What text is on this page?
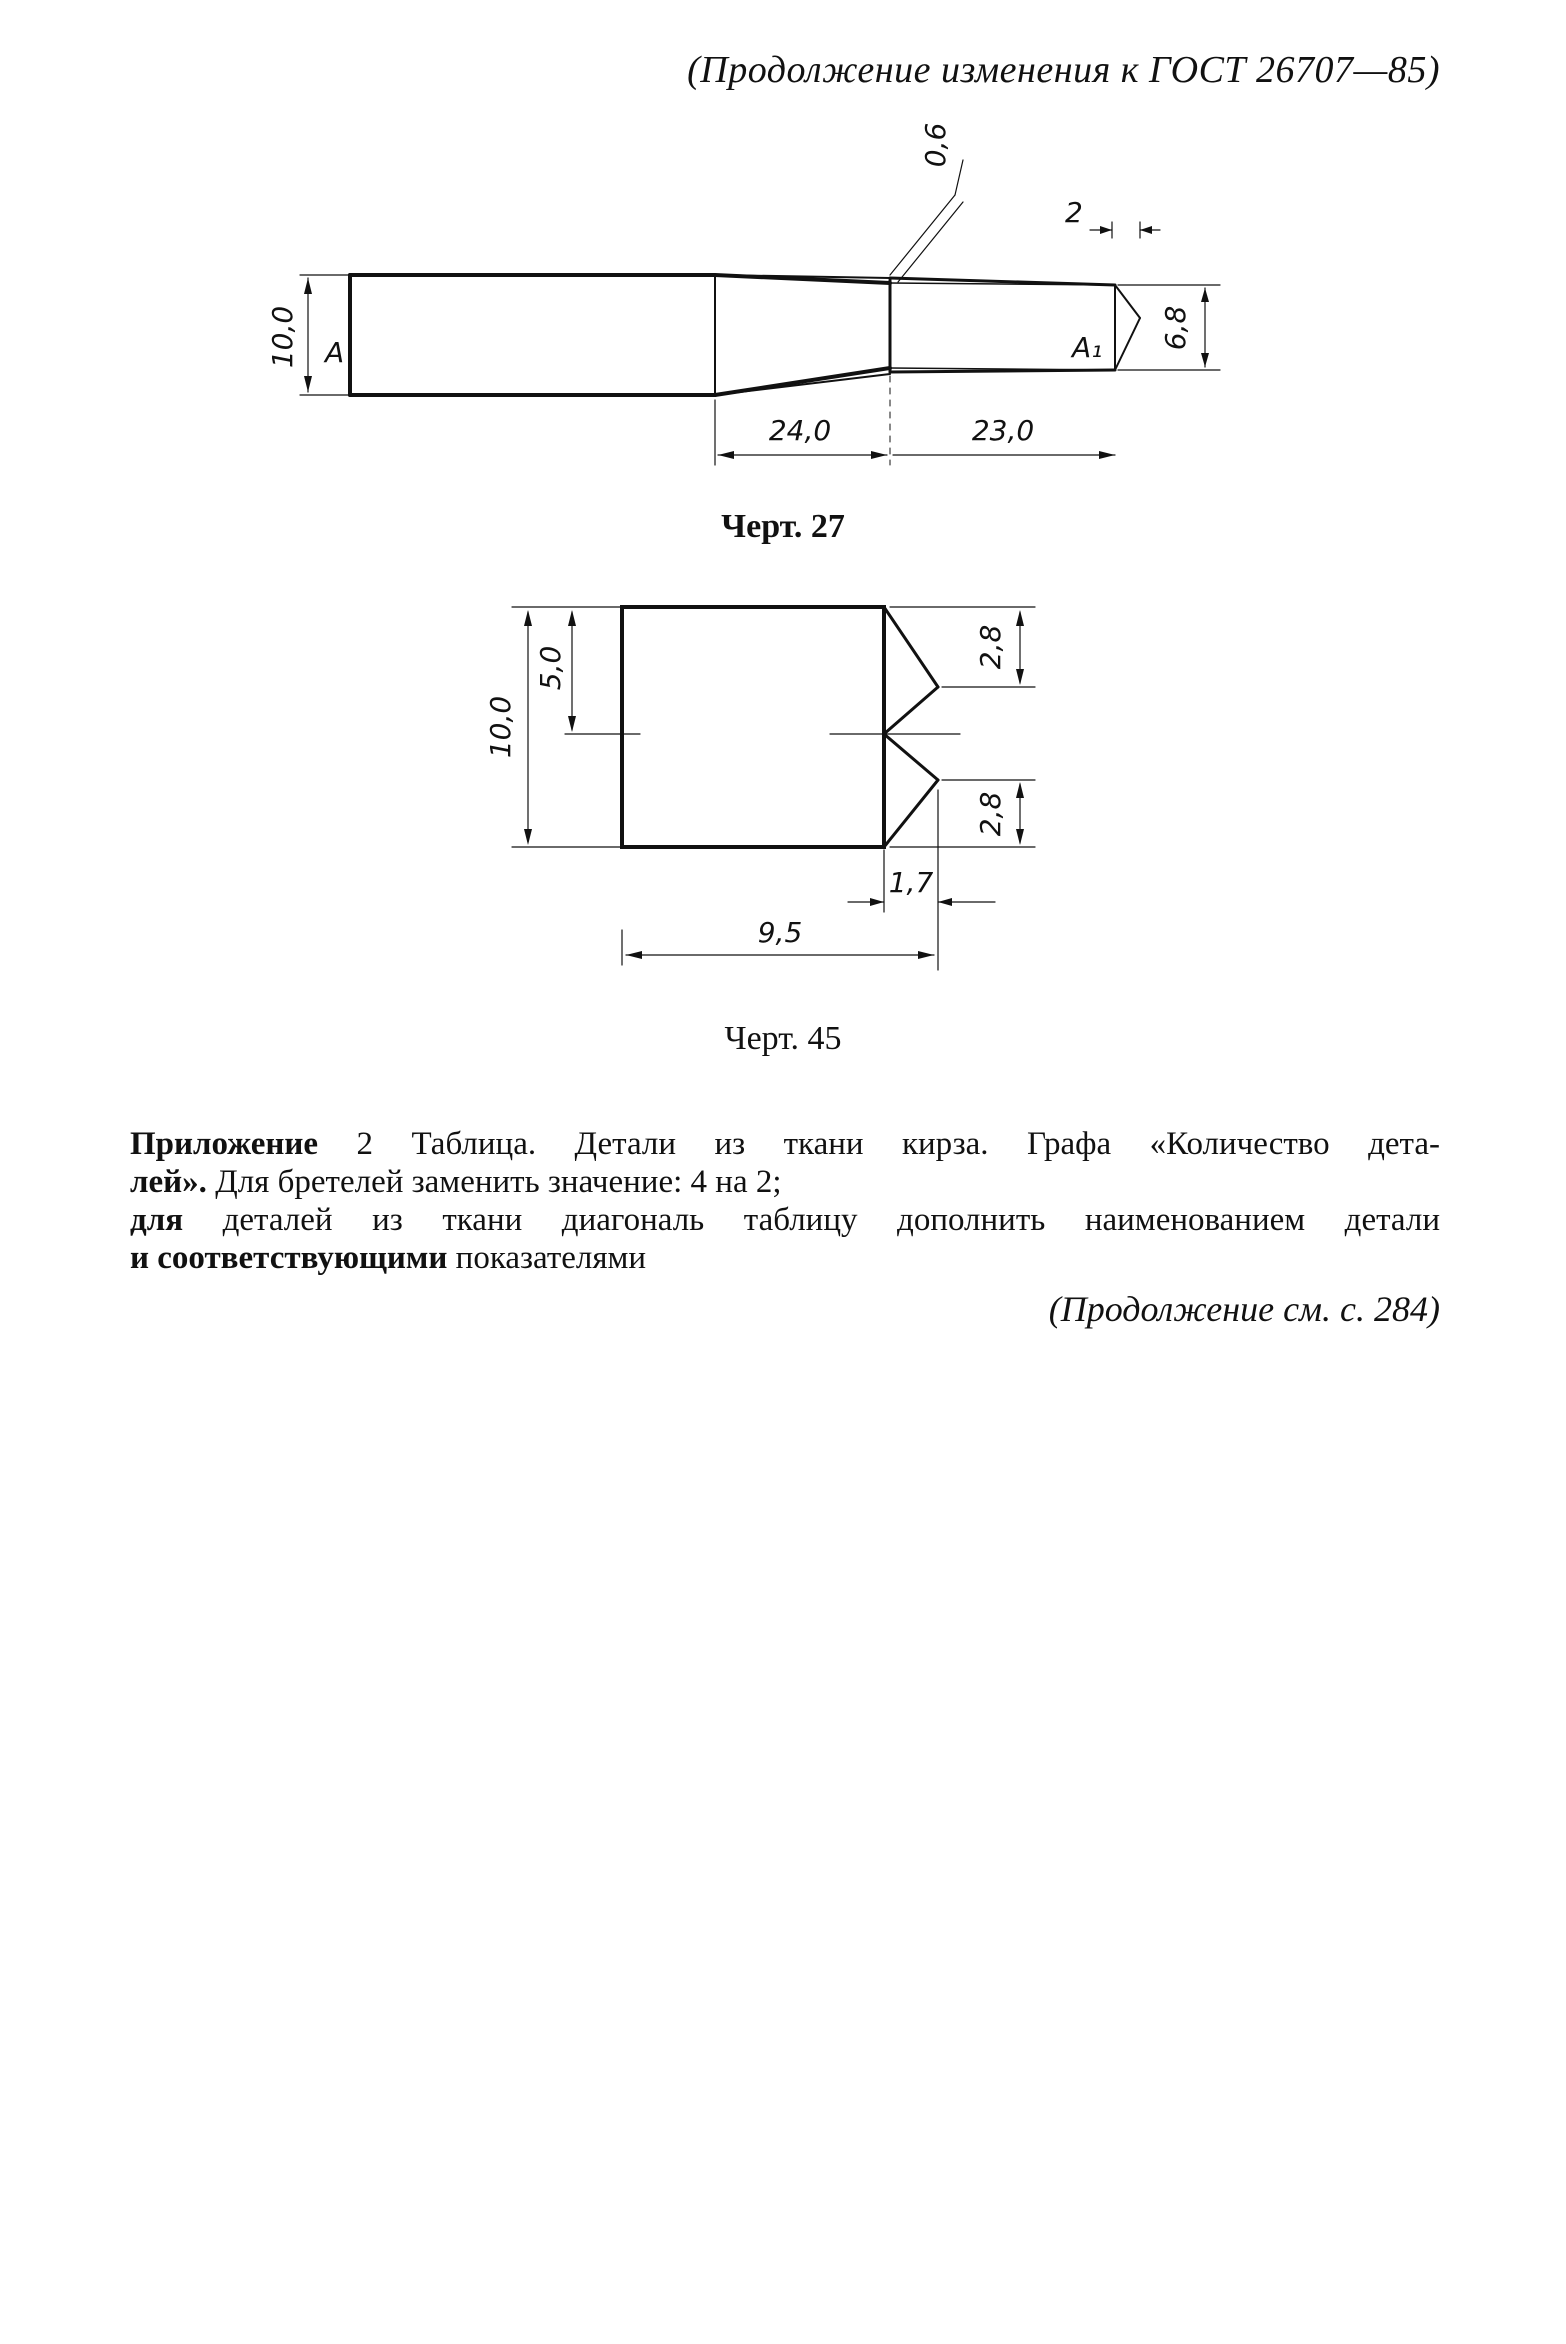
(Продолжение изменения к ГОСТ 26707—85)
10,0 А	А₁ 6,8
0,6
2
24,0	23,0
10,0
5,0	2,8
2,8
1,7
9,5
Черт. 27
Черт. 45
Приложение 2 Таблица. Детали из ткани кирза. Графа «Количество дета-
лей». Для бретелей заменить значение: 4 на 2;
для деталей из ткани диагональ таблицу дополнить наименованием детали
и соответствующими показателями
(Продолжение см. с. 284)
